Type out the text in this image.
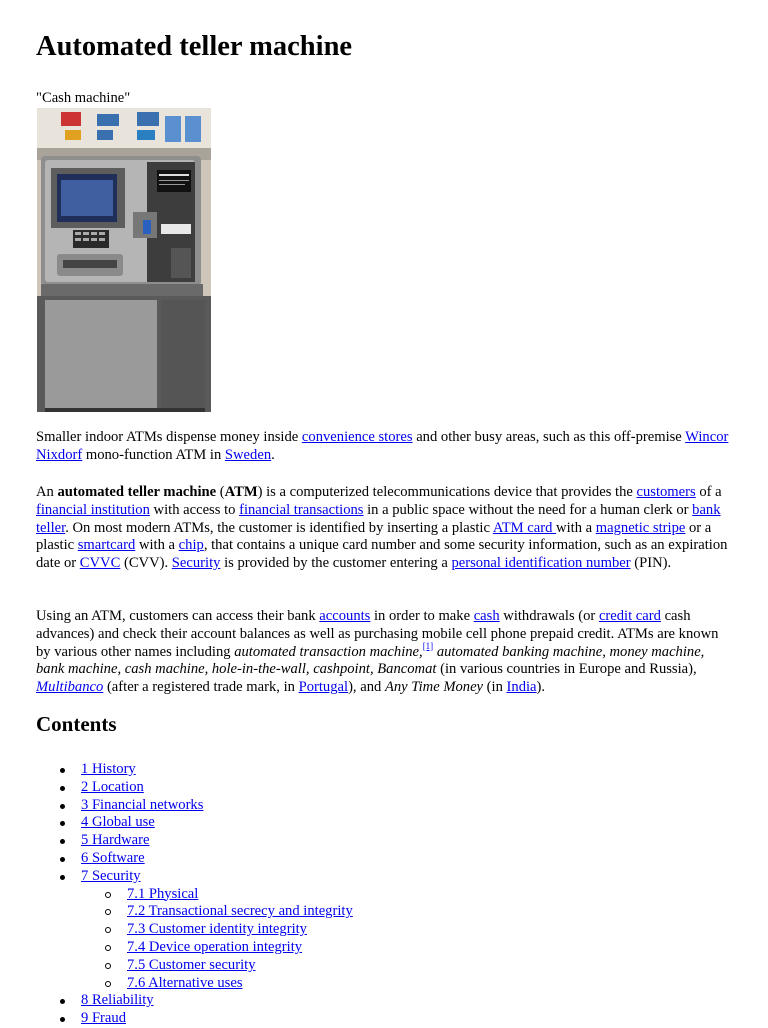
Automated teller machine
"Cash machine"

Smaller indoor ATMs dispense money inside convenience stores and other busy areas, such as this off-premise Wincor Nixdorf mono-function ATM in Sweden.

An automated teller machine (ATM) is a computerized telecommunications device that provides the customers of a financial institution with access to financial transactions in a public space without the need for a human clerk or bank teller. On most modern ATMs, the customer is identified by inserting a plastic ATM card with a magnetic stripe or a plastic smartcard with a chip, that contains a unique card number and some security information, such as an expiration date or CVVC (CVV). Security is provided by the customer entering a personal identification number (PIN).

Using an ATM, customers can access their bank accounts in order to make cash withdrawals (or credit card cash advances) and check their account balances as well as purchasing mobile cell phone prepaid credit. ATMs are known by various other names including automated transaction machine,[1] automated banking machine, money machine, bank machine, cash machine, hole-in-the-wall, cashpoint, Bancomat (in various countries in Europe and Russia), Multibanco (after a registered trade mark, in Portugal), and Any Time Money (in India).

Contents
1 History
2 Location
3 Financial networks
4 Global use
5 Hardware
6 Software
7 Security
7.1 Physical
7.2 Transactional secrecy and integrity
7.3 Customer identity integrity
7.4 Device operation integrity
7.5 Customer security
7.6 Alternative uses
8 Reliability
9 Fraud
